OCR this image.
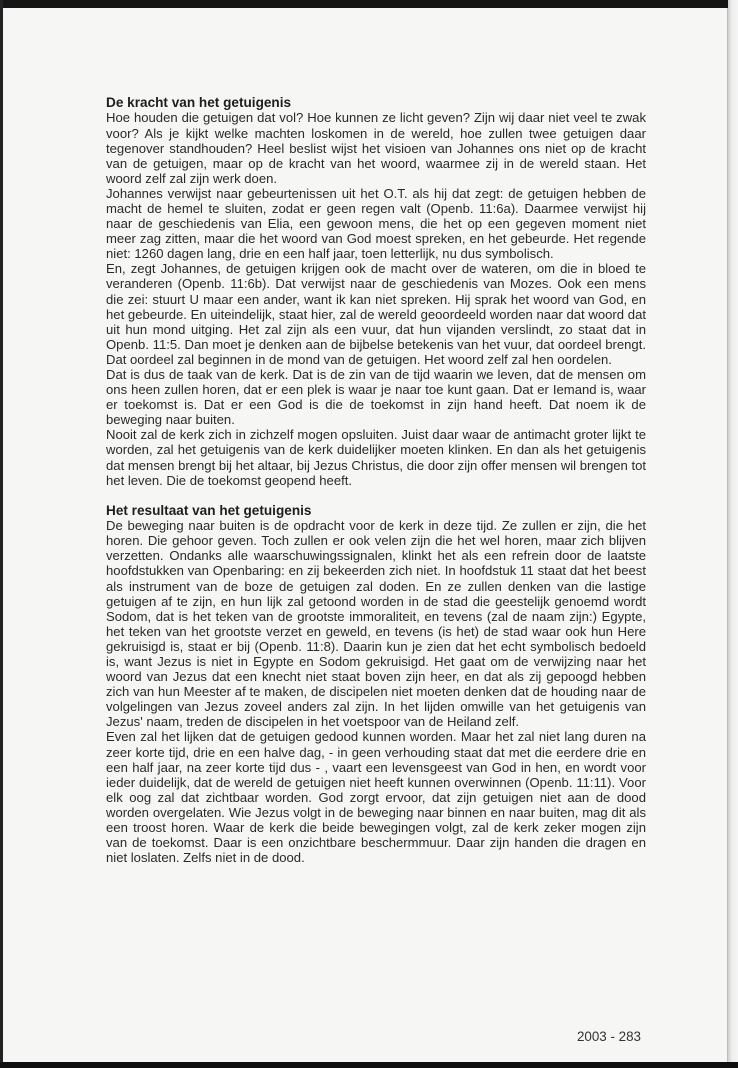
De kracht van het getuigenis

Hoe houden die getuigen dat vol? Hoe kunnen ze licht geven? Zijn wij daar niet veel te zwak voor? Als je kijkt welke machten loskomen in de wereld, hoe zullen twee getuigen daar tegenover standhouden? Heel beslist wijst het visioen van Johannes ons niet op de kracht van de getuigen, maar op de kracht van het woord, waarmee zij in de wereld staan. Het woord zelf zal zijn werk doen.

Johannes verwijst naar gebeurtenissen uit het O.T. als hij dat zegt: de getuigen hebben de macht de hemel te sluiten, zodat er geen regen valt (Openb. 11:6a). Daarmee verwijst hij naar de geschiedenis van Elia, een gewoon mens, die het op een gegeven moment niet meer zag zitten, maar die het woord van God moest spreken, en het gebeurde. Het regende niet: 1260 dagen lang, drie en een half jaar, toen letterlijk, nu dus symbolisch.

En, zegt Johannes, de getuigen krijgen ook de macht over de wateren, om die in bloed te veranderen (Openb. 11:6b). Dat verwijst naar de geschiedenis van Mozes. Ook een mens die zei: stuurt U maar een ander, want ik kan niet spreken. Hij sprak het woord van God, en het gebeurde. En uiteindelijk, staat hier, zal de wereld geoordeeld worden naar dat woord dat uit hun mond uitging. Het zal zijn als een vuur, dat hun vijanden verslindt, zo staat dat in Openb. 11:5. Dan moet je denken aan de bijbelse betekenis van het vuur, dat oordeel brengt. Dat oordeel zal beginnen in de mond van de getuigen. Het woord zelf zal hen oordelen.

Dat is dus de taak van de kerk. Dat is de zin van de tijd waarin we leven, dat de mensen om ons heen zullen horen, dat er een plek is waar je naar toe kunt gaan. Dat er Iemand is, waar er toekomst is. Dat er een God is die de toekomst in zijn hand heeft. Dat noem ik de beweging naar buiten.

Nooit zal de kerk zich in zichzelf mogen opsluiten. Juist daar waar de antimacht groter lijkt te worden, zal het getuigenis van de kerk duidelijker moeten klinken. En dan als het getuigenis dat mensen brengt bij het altaar, bij Jezus Christus, die door zijn offer mensen wil brengen tot het leven. Die de toekomst geopend heeft.

Het resultaat van het getuigenis

De beweging naar buiten is de opdracht voor de kerk in deze tijd. Ze zullen er zijn, die het horen. Die gehoor geven. Toch zullen er ook velen zijn die het wel horen, maar zich blijven verzetten. Ondanks alle waarschuwingssignalen, klinkt het als een refrein door de laatste hoofdstukken van Openbaring: en zij bekeerden zich niet. In hoofdstuk 11 staat dat het beest als instrument van de boze de getuigen zal doden. En ze zullen denken van die lastige getuigen af te zijn, en hun lijk zal getoond worden in de stad die geestelijk genoemd wordt Sodom, dat is het teken van de grootste immoraliteit, en tevens (zal de naam zijn:) Egypte, het teken van het grootste verzet en geweld, en tevens (is het) de stad waar ook hun Here gekruisigd is, staat er bij (Openb. 11:8). Daarin kun je zien dat het echt symbolisch bedoeld is, want Jezus is niet in Egypte en Sodom gekruisigd. Het gaat om de verwijzing naar het woord van Jezus dat een knecht niet staat boven zijn heer, en dat als zij gepoogd hebben zich van hun Meester af te maken, de discipelen niet moeten denken dat de houding naar de volgelingen van Jezus zoveel anders zal zijn. In het lijden omwille van het getuigenis van Jezus' naam, treden de discipelen in het voetspoor van de Heiland zelf.

Even zal het lijken dat de getuigen gedood kunnen worden. Maar het zal niet lang duren na zeer korte tijd, drie en een halve dag, - in geen verhouding staat dat met die eerdere drie en een half jaar, na zeer korte tijd dus - , vaart een levensgeest van God in hen, en wordt voor ieder duidelijk, dat de wereld de getuigen niet heeft kunnen overwinnen (Openb. 11:11). Voor elk oog zal dat zichtbaar worden. God zorgt ervoor, dat zijn getuigen niet aan de dood worden overgelaten. Wie Jezus volgt in de beweging naar binnen en naar buiten, mag dit als een troost horen. Waar de kerk die beide bewegingen volgt, zal de kerk zeker mogen zijn van de toekomst. Daar is een onzichtbare beschermmuur. Daar zijn handen die dragen en niet loslaten. Zelfs niet in de dood.

2003 - 283
